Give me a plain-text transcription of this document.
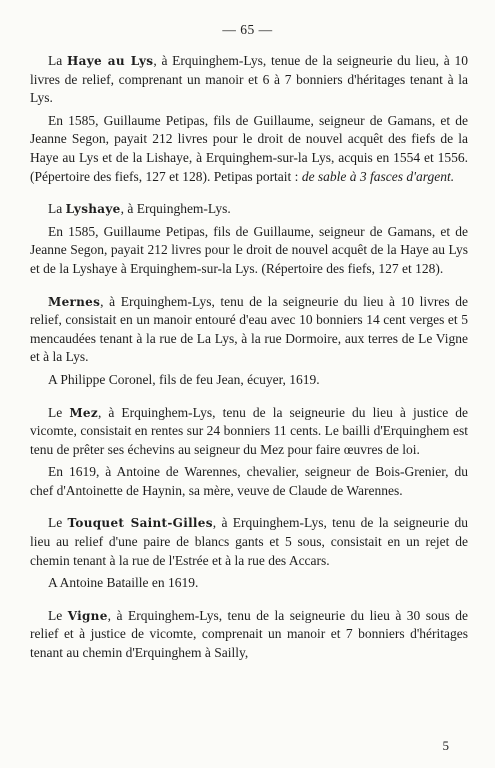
— 65 —

La Haye au Lys, à Erquinghem-Lys, tenue de la seigneurie du lieu, à 10 livres de relief, comprenant un manoir et 6 à 7 bonniers d'héritages tenant à la Lys.

En 1585, Guillaume Petipas, fils de Guillaume, seigneur de Gamans, et de Jeanne Segon, payait 212 livres pour le droit de nouvel acquêt des fiefs de la Haye au Lys et de la Lishaye, à Erquinghem-sur-la Lys, acquis en 1554 et 1556. (Pépertoire des fiefs, 127 et 128). Petipas portait : de sable à 3 fasces d'argent.

La Lyshaye, à Erquinghem-Lys.

En 1585, Guillaume Petipas, fils de Guillaume, seigneur de Gamans, et de Jeanne Segon, payait 212 livres pour le droit de nouvel acquêt de la Haye au Lys et de la Lyshaye à Erquinghem-sur-la Lys. (Répertoire des fiefs, 127 et 128).

Mernes, à Erquinghem-Lys, tenu de la seigneurie du lieu à 10 livres de relief, consistait en un manoir entouré d'eau avec 10 bonniers 14 cent verges et 5 mencaudées tenant à la rue de La Lys, à la rue Dormoire, aux terres de Le Vigne et à la Lys.

A Philippe Coronel, fils de feu Jean, écuyer, 1619.

Le Mez, à Erquinghem-Lys, tenu de la seigneurie du lieu à justice de vicomte, consistait en rentes sur 24 bonniers 11 cents. Le bailli d'Erquinghem est tenu de prêter ses échevins au seigneur du Mez pour faire œuvres de loi.

En 1619, à Antoine de Warennes, chevalier, seigneur de Bois-Grenier, du chef d'Antoinette de Haynin, sa mère, veuve de Claude de Warennes.

Le Touquet Saint-Gilles, à Erquinghem-Lys, tenu de la seigneurie du lieu au relief d'une paire de blancs gants et 5 sous, consistait en un rejet de chemin tenant à la rue de l'Estrée et à la rue des Accars.

A Antoine Bataille en 1619.

Le Vigne, à Erquinghem-Lys, tenu de la seigneurie du lieu à 30 sous de relief et à justice de vicomte, comprenait un manoir et 7 bonniers d'héritages tenant au chemin d'Erquinghem à Sailly,

5
